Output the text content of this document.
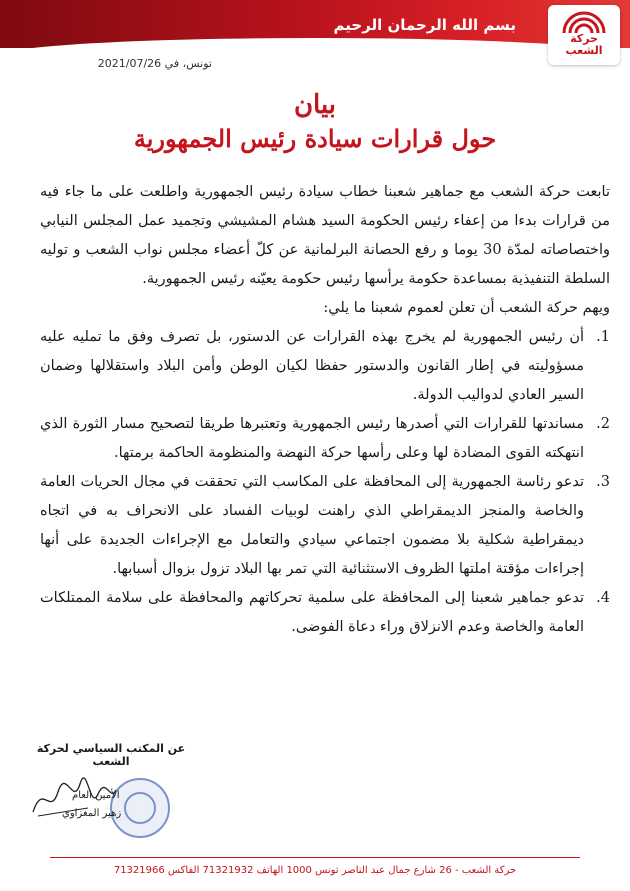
بسم الله الرحمان الرحيم
حركة
الشعب
تونس، في 2021/07/26
بيان
حول قرارات سيادة رئيس الجمهورية

تابعت حركة الشعب مع جماهير شعبنا خطاب سيادة رئيس الجمهورية واطلعت على ما جاء فيه من قرارات بدءا من إعفاء رئيس الحكومة السيد هشام المشيشي وتجميد عمل المجلس النيابي واختصاصاته لمدّة 30 يوما و رفع الحصانة البرلمانية عن كلّ أعضاء مجلس نواب الشعب و توليه السلطة التنفيذية بمساعدة حكومة يرأسها رئيس حكومة يعيّنه رئيس الجمهورية.

ويهم حركة الشعب أن تعلن لعموم شعبنا ما يلي:

1.
أن رئيس الجمهورية لم يخرج بهذه القرارات عن الدستور، بل تصرف وفق ما تمليه عليه مسؤوليته في إطار القانون والدستور حفظا لكيان الوطن وأمن البلاد واستقلالها وضمان السير العادي لدواليب الدولة.
2.
مساندتها للقرارات التي أصدرها رئيس الجمهورية وتعتبرها طريقا لتصحيح مسار الثورة الذي انتهكته القوى المضادة لها وعلى رأسها حركة النهضة والمنظومة الحاكمة برمتها.
3.
تدعو رئاسة الجمهورية إلى المحافظة على المكاسب التي تحققت في مجال الحريات العامة والخاصة والمنجز الديمقراطي الذي راهنت لوبيات الفساد على الانحراف به في اتجاه ديمقراطية شكلية بلا مضمون اجتماعي سيادي والتعامل مع الإجراءات الجديدة على أنها إجراءات مؤقتة املتها الظروف الاستثنائية التي تمر بها البلاد تزول بزوال أسبابها.
4.
تدعو جماهير شعبنا إلى المحافظة على سلمية تحركاتهم والمحافظة على سلامة الممتلكات العامة والخاصة وعدم الانزلاق وراء دعاة الفوضى.
عن المكتب السياسي لحركة الشعب
الأمين العام
زهير المغزاوي
حركة الشعب - 26 شارع جمال عبد الناصر تونس 1000 الهاتف 71321932 الفاكس 71321966
